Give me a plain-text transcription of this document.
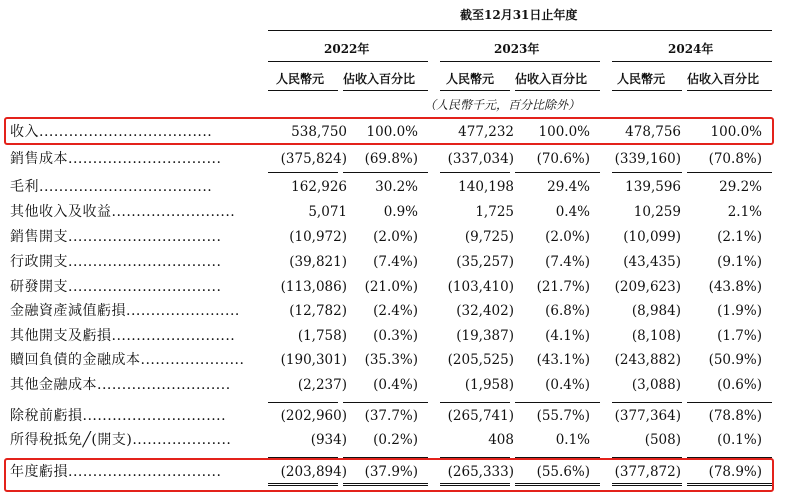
截至12月31日止年度
2022年	2023年	2024年
人民幣元 佔收入百分比	人民幣元 佔收入百分比 人民幣元 佔收入百分比
（人民幣千元，百分比除外）
收入...................................	538,750 100.0%	477,232 100.0%	478,756 100.0%
銷售成本...............................	(375,824) (69.8%) (337,034) (70.6%) (339,160) (70.8%)
毛利...................................	162,926 30.2%	140,198 29.4%	139,596	29.2%
其他收入及收益.........................	5,071	0.9%	1,725	0.4%	10,259	2.1%
銷售開支...............................	(10,972) (2.0%)	(9,725) (2.0%) (10,099)	(2.1%)
行政開支...............................	(39,821) (7.4%)	(35,257) (7.4%) (43,435)	(9.1%)
研發開支...............................	(113,086) (21.0%) (103,410) (21.7%) (209,623) (43.8%)
金融資產減值虧損.......................	(12,782) (2.4%)	(32,402) (6.8%)	(8,984)	(1.9%)
其他開支及虧損.........................	(1,758) (0.3%)	(19,387) (4.1%)	(8,108)	(1.7%)
贖回負債的金融成本.....................	(190,301) (35.3%) (205,525) (43.1%) (243,882) (50.9%)
其他金融成本...........................	(2,237) (0.4%)	(1,958) (0.4%)	(3,088)	(0.6%)
除稅前虧損.............................	(202,960) (37.7%) (265,741) (55.7%) (377,364) (78.8%)
所得稅抵免╱(開支)....................	(934) (0.2%)	408	0.1%	(508)	(0.1%)
年度虧損...............................	(203,894) (37.9%) (265,333) (55.6%) (377,872) (78.9%)
